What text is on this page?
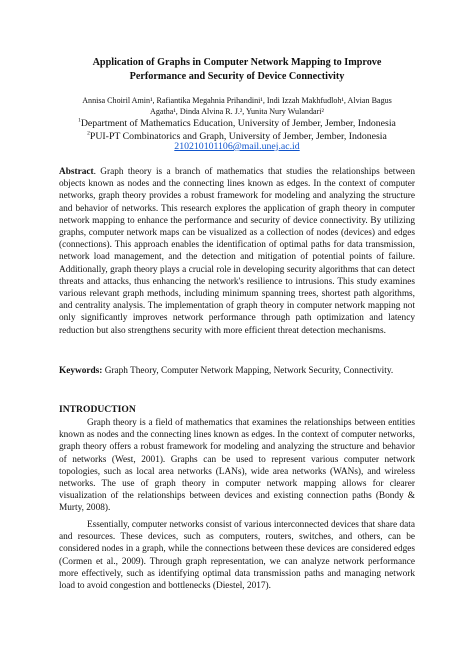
Application of Graphs in Computer Network Mapping to Improve Performance and Security of Device Connectivity
Annisa Choiril Amin¹, Rafiantika Megahnia Prihandini¹, Indi Izzah Makhfudloh¹, Alvian Bagus
Agatha¹, Dinda Alvina R. J.², Yunita Nury Wulandari²
$^1$Department of Mathematics Education, University of Jember, Jember, Indonesia
$^2$PUI-PT Combinatorics and Graph, University of Jember, Jember, Indonesia
210210101106@mail.unej.ac.id
Abstract. Graph theory is a branch of mathematics that studies the relationships between objects known as nodes and the connecting lines known as edges. In the context of computer networks, graph theory provides a robust framework for modeling and analyzing the structure and behavior of networks. This research explores the application of graph theory in computer network mapping to enhance the performance and security of device connectivity. By utilizing graphs, computer network maps can be visualized as a collection of nodes (devices) and edges (connections). This approach enables the identification of optimal paths for data transmission, network load management, and the detection and mitigation of potential points of failure. Additionally, graph theory plays a crucial role in developing security algorithms that can detect threats and attacks, thus enhancing the network's resilience to intrusions. This study examines various relevant graph methods, including minimum spanning trees, shortest path algorithms, and centrality analysis. The implementation of graph theory in computer network mapping not only significantly improves network performance through path optimization and latency reduction but also strengthens security with more efficient threat detection mechanisms.
Keywords: Graph Theory, Computer Network Mapping, Network Security, Connectivity.
INTRODUCTION
Graph theory is a field of mathematics that examines the relationships between entities known as nodes and the connecting lines known as edges. In the context of computer networks, graph theory offers a robust framework for modeling and analyzing the structure and behavior of networks (West, 2001). Graphs can be used to represent various computer network topologies, such as local area networks (LANs), wide area networks (WANs), and wireless networks. The use of graph theory in computer network mapping allows for clearer visualization of the relationships between devices and existing connection paths (Bondy & Murty, 2008).
Essentially, computer networks consist of various interconnected devices that share data and resources. These devices, such as computers, routers, switches, and others, can be considered nodes in a graph, while the connections between these devices are considered edges (Cormen et al., 2009). Through graph representation, we can analyze network performance more effectively, such as identifying optimal data transmission paths and managing network load to avoid congestion and bottlenecks (Diestel, 2017).
